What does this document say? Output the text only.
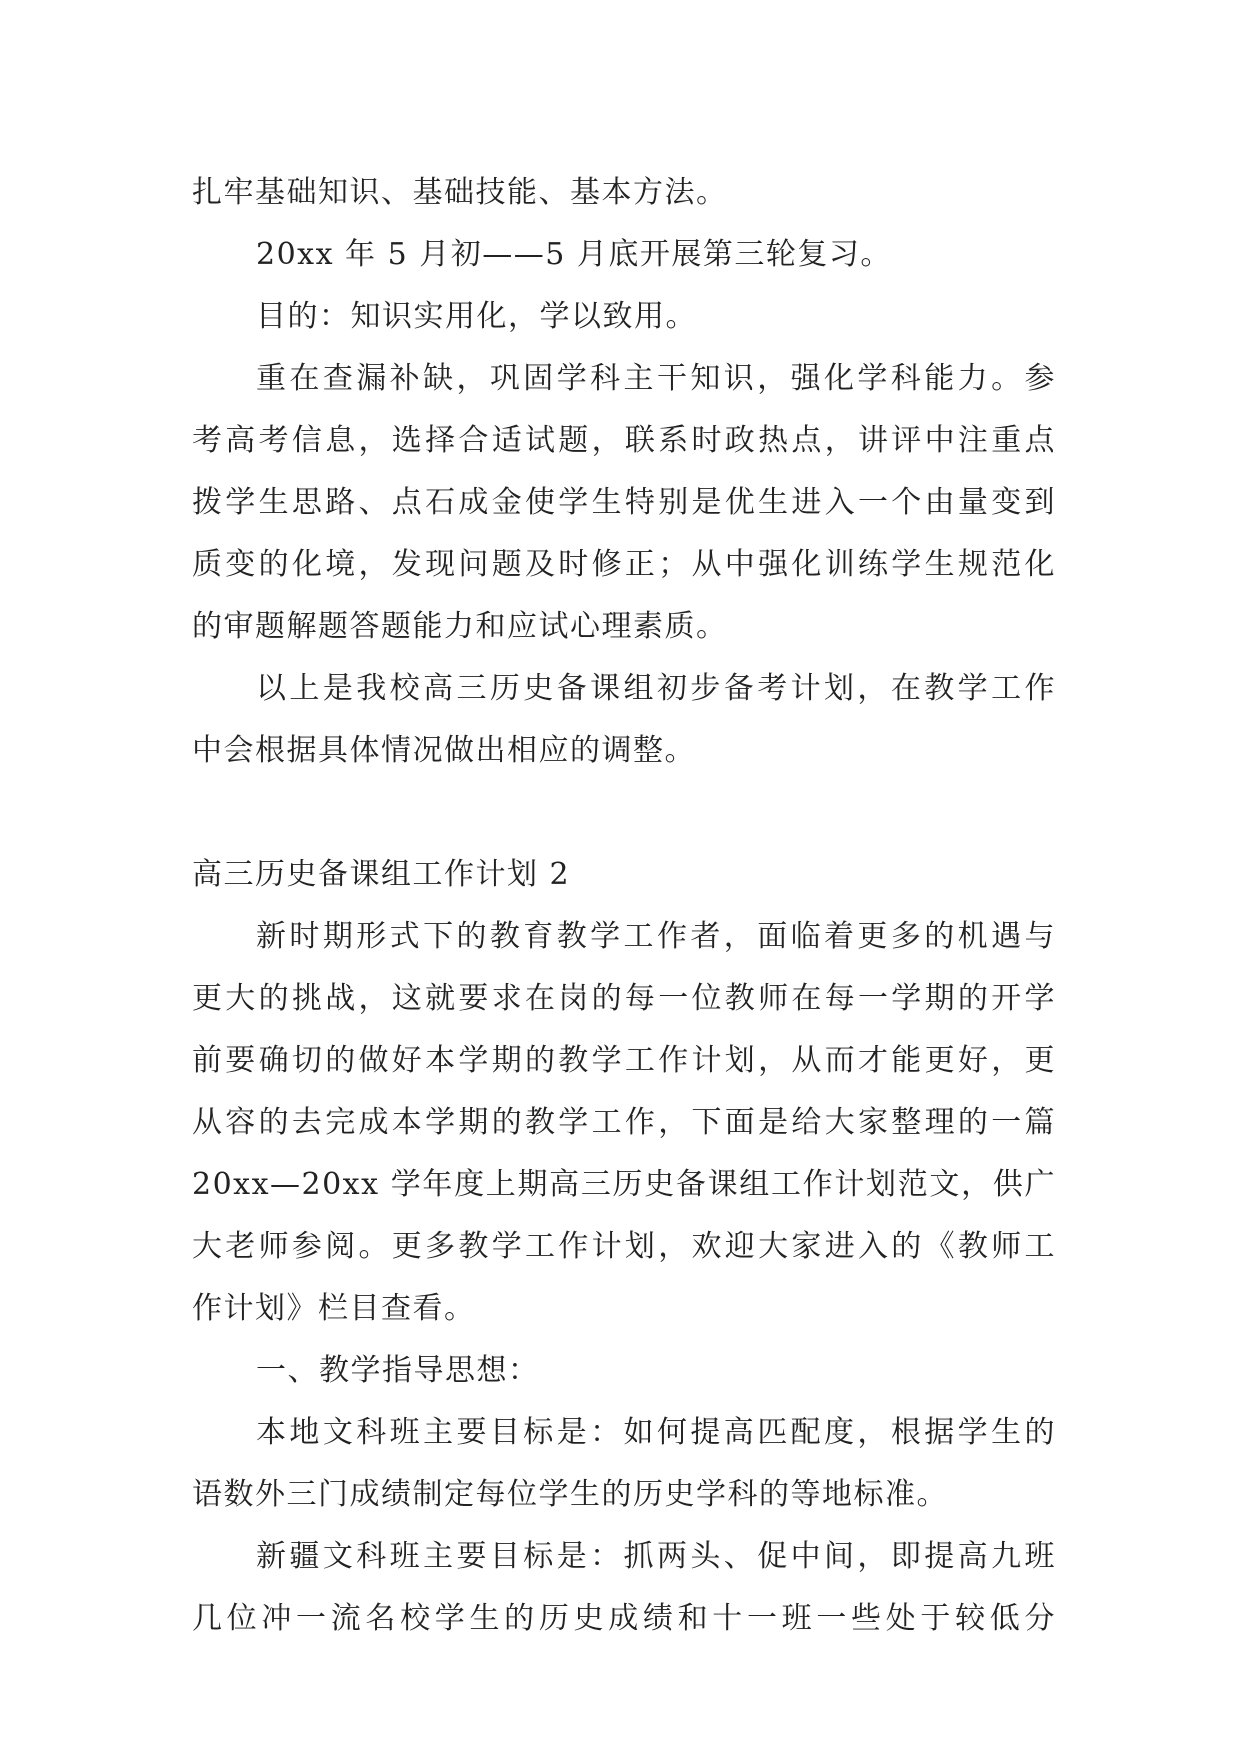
扎牢基础知识、基础技能、基本方法。
20xx 年 5 月初——5 月底开展第三轮复习。
目的：知识实用化，学以致用。
重在查漏补缺，巩固学科主干知识，强化学科能力。参
考高考信息，选择合适试题，联系时政热点，讲评中注重点
拨学生思路、点石成金使学生特别是优生进入一个由量变到
质变的化境，发现问题及时修正；从中强化训练学生规范化
的审题解题答题能力和应试心理素质。
以上是我校高三历史备课组初步备考计划，在教学工作
中会根据具体情况做出相应的调整。
高三历史备课组工作计划 2
新时期形式下的教育教学工作者，面临着更多的机遇与
更大的挑战，这就要求在岗的每一位教师在每一学期的开学
前要确切的做好本学期的教学工作计划，从而才能更好，更
从容的去完成本学期的教学工作，下面是给大家整理的一篇
20xx—20xx 学年度上期高三历史备课组工作计划范文，供广
大老师参阅。更多教学工作计划，欢迎大家进入的《教师工
作计划》栏目查看。
一、教学指导思想：
本地文科班主要目标是：如何提高匹配度，根据学生的
语数外三门成绩制定每位学生的历史学科的等地标准。
新疆文科班主要目标是：抓两头、促中间，即提高九班
几位冲一流名校学生的历史成绩和十一班一些处于较低分
